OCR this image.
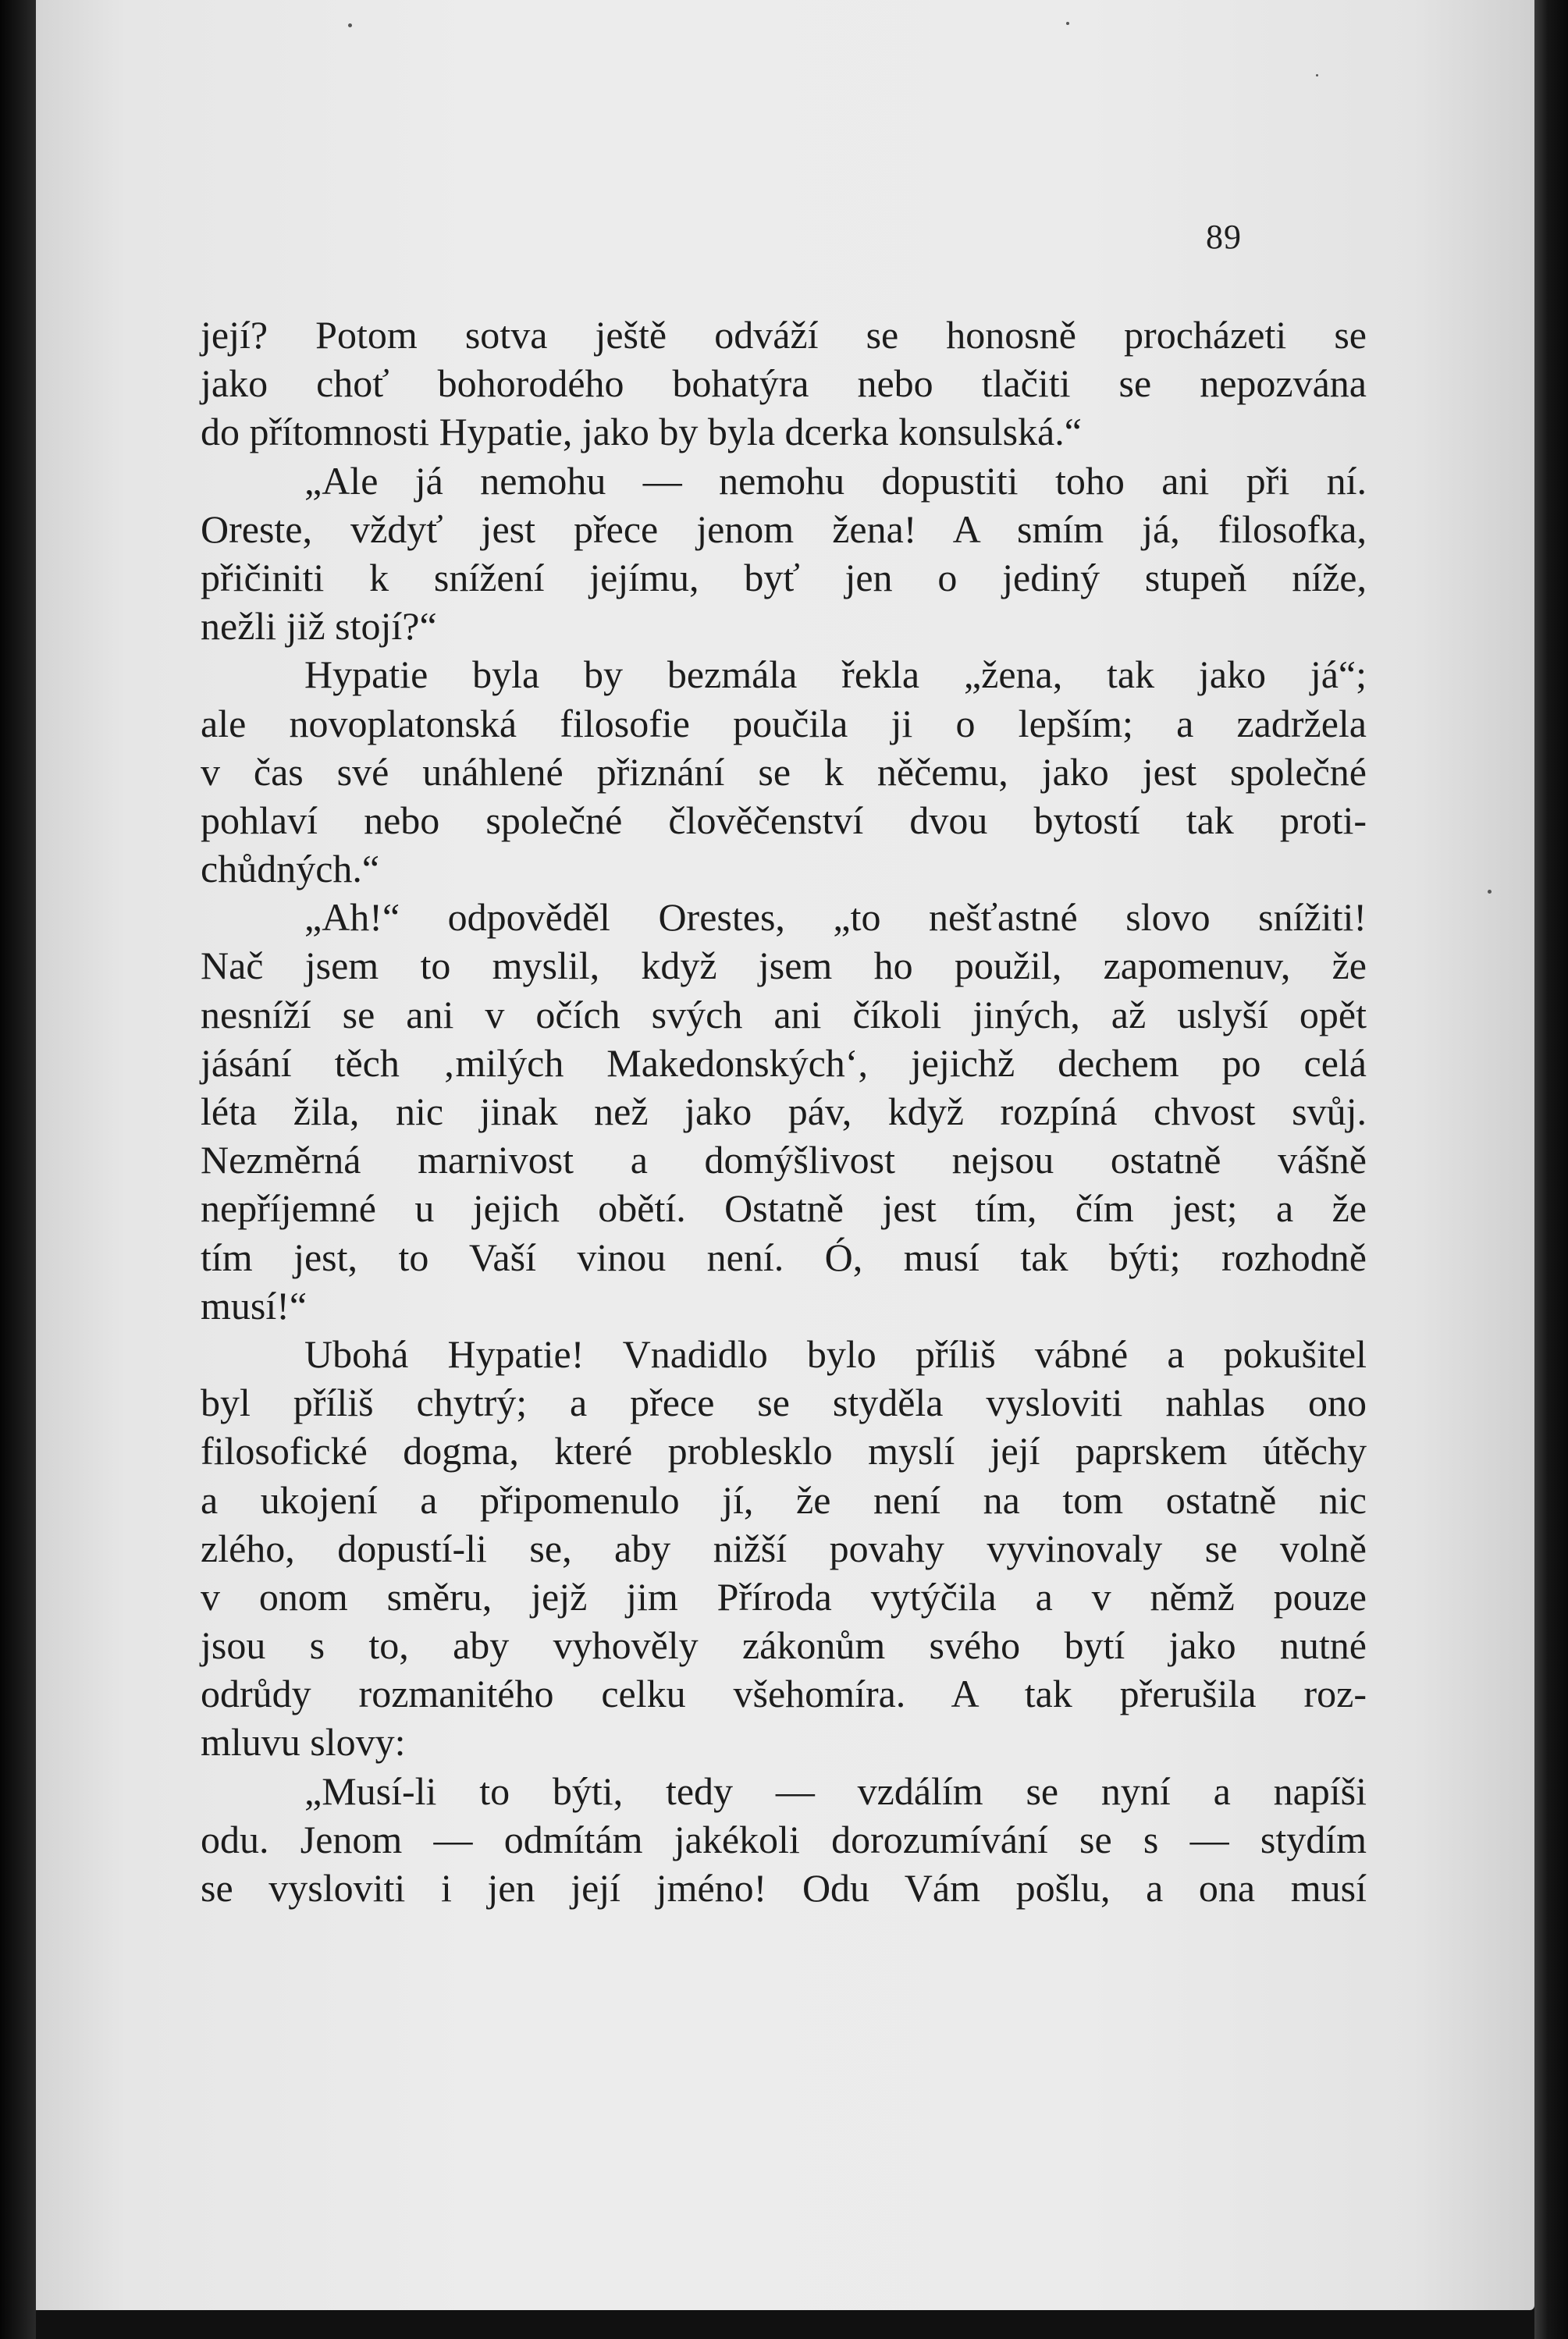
89
její? Potom sotva ještě odváží se honosně procházeti se
jako choť bohorodého bohatýra nebo tlačiti se nepozvána
do přítomnosti Hypatie, jako by byla dcerka konsulská.“
„Ale já nemohu — nemohu dopustiti toho ani při ní.
Oreste, vždyť jest přece jenom žena! A smím já, filosofka,
přičiniti k snížení jejímu, byť jen o jediný stupeň níže,
nežli již stojí?“
Hypatie byla by bezmála řekla „žena, tak jako já“;
ale novoplatonská filosofie poučila ji o lepším; a zadržela
v čas své unáhlené přiznání se k něčemu, jako jest společné
pohlaví nebo společné člověčenství dvou bytostí tak proti-
chůdných.“
„Ah!“ odpověděl Orestes, „to nešťastné slovo snížiti!
Nač jsem to myslil, když jsem ho použil, zapomenuv, že
nesníží se ani v očích svých ani číkoli jiných, až uslyší opět
jásání těch ‚milých Makedonských‘, jejichž dechem po celá
léta žila, nic jinak než jako páv, když rozpíná chvost svůj.
Nezměrná marnivost a domýšlivost nejsou ostatně vášně
nepříjemné u jejich obětí. Ostatně jest tím, čím jest; a že
tím jest, to Vaší vinou není. Ó, musí tak býti; rozhodně
musí!“
Ubohá Hypatie! Vnadidlo bylo příliš vábné a pokušitel
byl příliš chytrý; a přece se styděla vysloviti nahlas ono
filosofické dogma, které problesklo myslí její paprskem útěchy
a ukojení a připomenulo jí, že není na tom ostatně nic
zlého, dopustí-li se, aby nižší povahy vyvinovaly se volně
v onom směru, jejž jim Příroda vytýčila a v němž pouze
jsou s to, aby vyhověly zákonům svého bytí jako nutné
odrůdy rozmanitého celku všehomíra. A tak přerušila roz-
mluvu slovy:
„Musí-li to býti, tedy — vzdálím se nyní a napíši
odu. Jenom — odmítám jakékoli dorozumívání se s — stydím
se vysloviti i jen její jméno! Odu Vám pošlu, a ona musí
